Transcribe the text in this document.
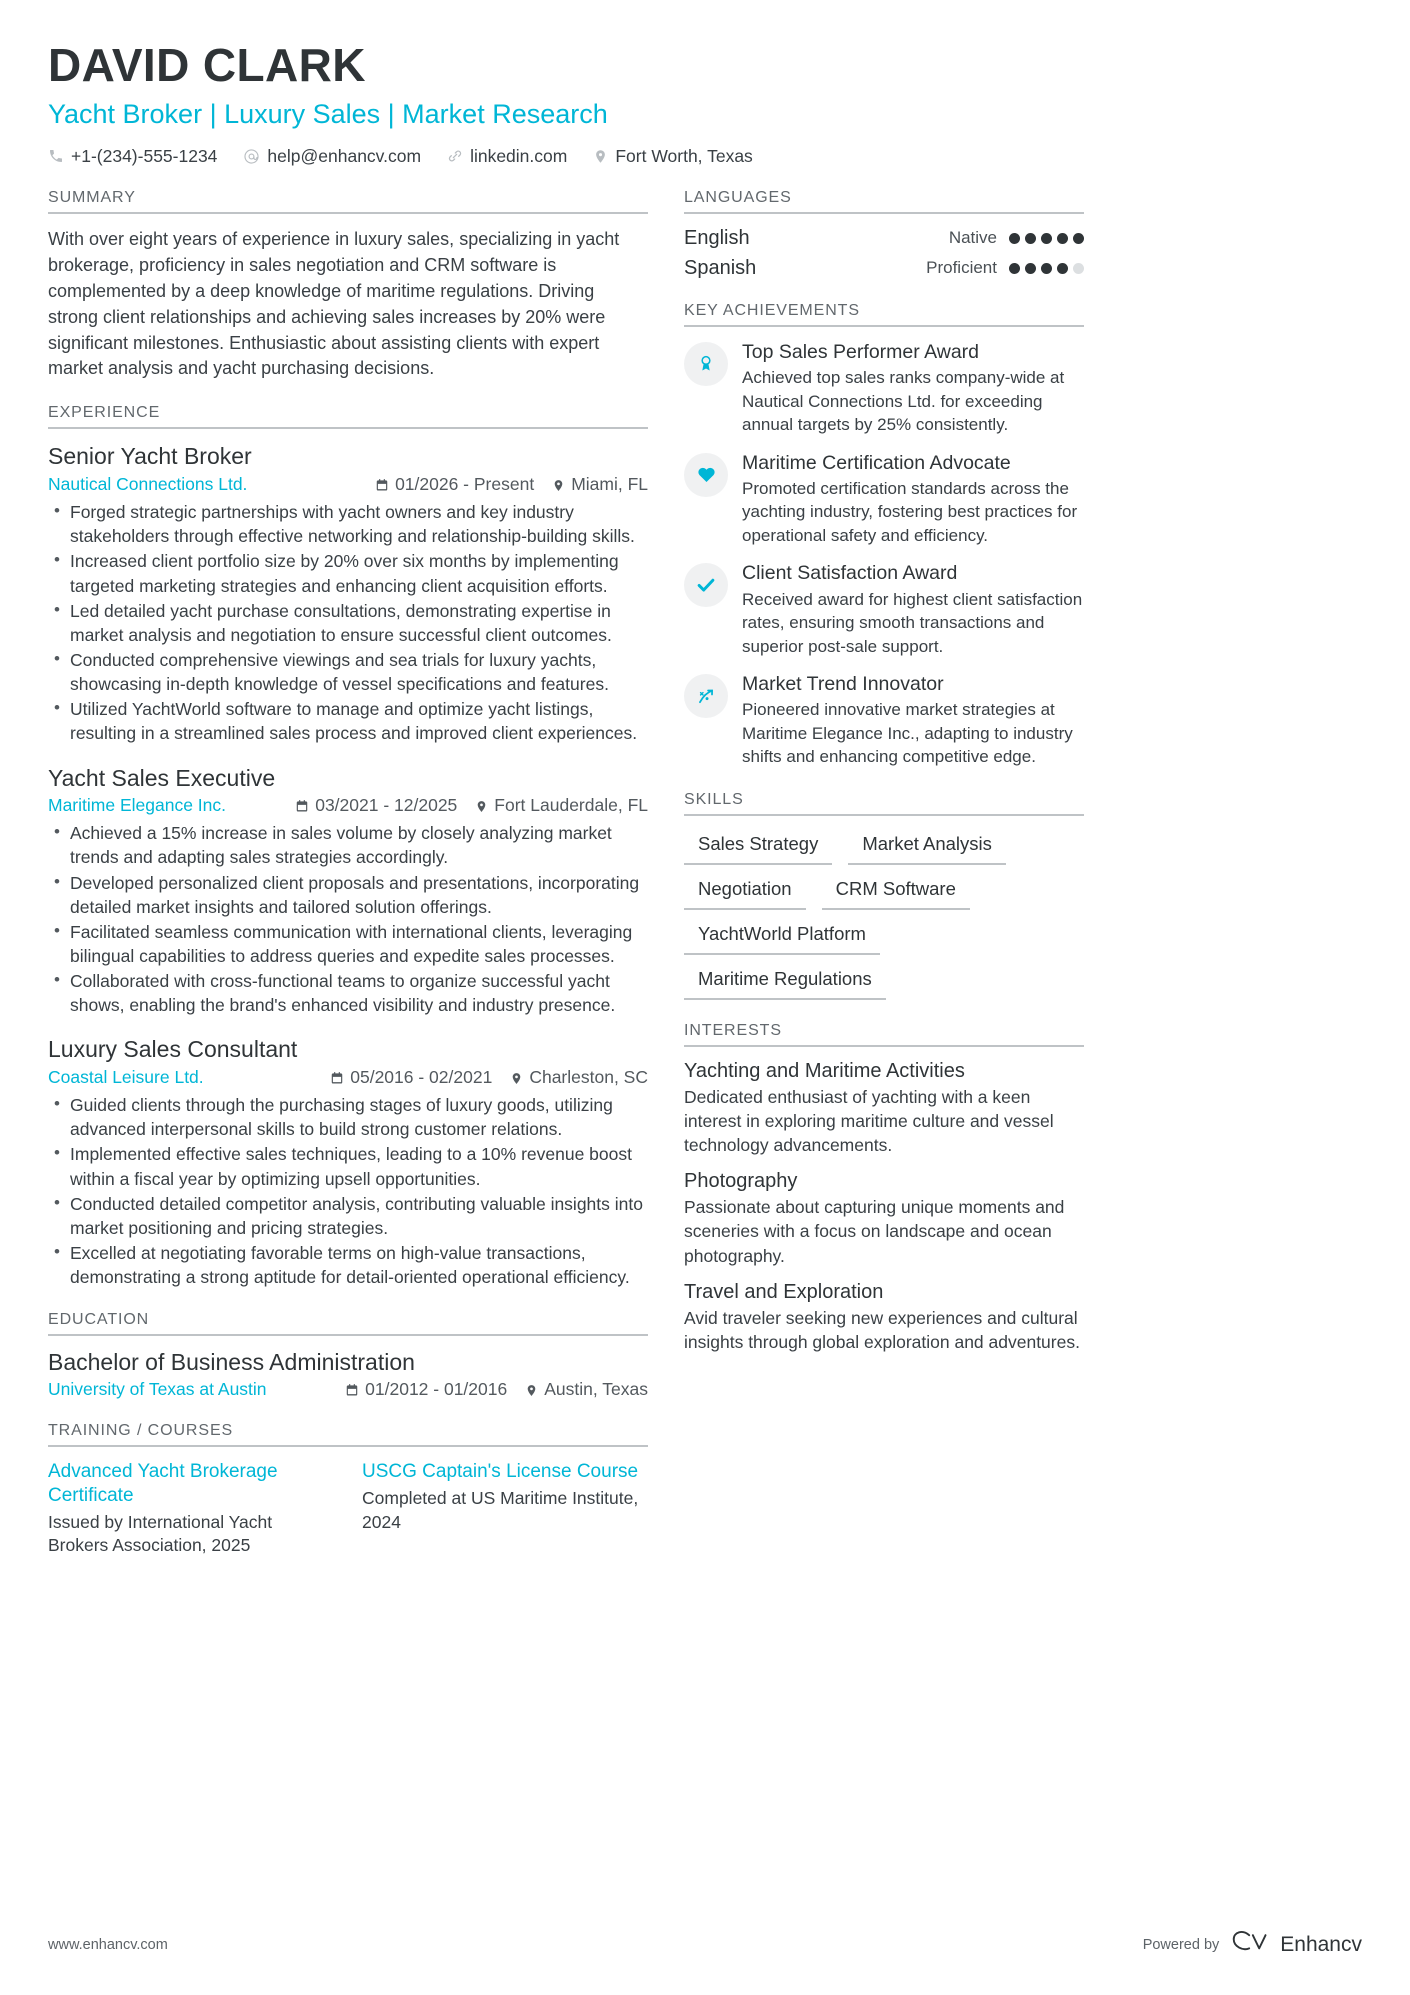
DAVID CLARK
Yacht Broker | Luxury Sales | Market Research
+1-(234)-555-1234	help@enhancv.com	linkedin.com	Fort Worth, Texas
SUMMARY
With over eight years of experience in luxury sales, specializing in yacht brokerage, proficiency in sales negotiation and CRM software is complemented by a deep knowledge of maritime regulations. Driving strong client relationships and achieving sales increases by 20% were significant milestones. Enthusiastic about assisting clients with expert market analysis and yacht purchasing decisions.
EXPERIENCE
Senior Yacht Broker
Nautical Connections Ltd.	01/2026 - Present Miami, FL
• Forged strategic partnerships with yacht owners and key industry stakeholders through effective networking and relationship-building skills.
• Increased client portfolio size by 20% over six months by implementing targeted marketing strategies and enhancing client acquisition efforts.
• Led detailed yacht purchase consultations, demonstrating expertise in market analysis and negotiation to ensure successful client outcomes.
• Conducted comprehensive viewings and sea trials for luxury yachts, showcasing in-depth knowledge of vessel specifications and features.
• Utilized YachtWorld software to manage and optimize yacht listings, resulting in a streamlined sales process and improved client experiences.
Yacht Sales Executive
Maritime Elegance Inc.	03/2021 - 12/2025 Fort Lauderdale, FL
• Achieved a 15% increase in sales volume by closely analyzing market trends and adapting sales strategies accordingly.
• Developed personalized client proposals and presentations, incorporating detailed market insights and tailored solution offerings.
• Facilitated seamless communication with international clients, leveraging bilingual capabilities to address queries and expedite sales processes.
• Collaborated with cross-functional teams to organize successful yacht shows, enabling the brand's enhanced visibility and industry presence.
Luxury Sales Consultant
Coastal Leisure Ltd.	05/2016 - 02/2021 Charleston, SC
• Guided clients through the purchasing stages of luxury goods, utilizing advanced interpersonal skills to build strong customer relations.
• Implemented effective sales techniques, leading to a 10% revenue boost within a fiscal year by optimizing upsell opportunities.
• Conducted detailed competitor analysis, contributing valuable insights into market positioning and pricing strategies.
• Excelled at negotiating favorable terms on high-value transactions, demonstrating a strong aptitude for detail-oriented operational efficiency.
EDUCATION
Bachelor of Business Administration
University of Texas at Austin	01/2012 - 01/2016 Austin, Texas
TRAINING / COURSES
Advanced Yacht Brokerage Certificate
Issued by International Yacht Brokers Association, 2025
USCG Captain's License Course
Completed at US Maritime Institute, 2024
LANGUAGES
English	Native
Spanish	Proficient
KEY ACHIEVEMENTS
Top Sales Performer Award
Achieved top sales ranks company-wide at Nautical Connections Ltd. for exceeding annual targets by 25% consistently.
Maritime Certification Advocate
Promoted certification standards across the yachting industry, fostering best practices for operational safety and efficiency.
Client Satisfaction Award
Received award for highest client satisfaction rates, ensuring smooth transactions and superior post-sale support.
Market Trend Innovator
Pioneered innovative market strategies at Maritime Elegance Inc., adapting to industry shifts and enhancing competitive edge.
SKILLS
Sales Strategy	Market Analysis
Negotiation	CRM Software
YachtWorld Platform
Maritime Regulations
INTERESTS
Yachting and Maritime Activities
Dedicated enthusiast of yachting with a keen interest in exploring maritime culture and vessel technology advancements.
Photography
Passionate about capturing unique moments and sceneries with a focus on landscape and ocean photography.
Travel and Exploration
Avid traveler seeking new experiences and cultural insights through global exploration and adventures.
www.enhancv.com	Powered by	Enhancv
